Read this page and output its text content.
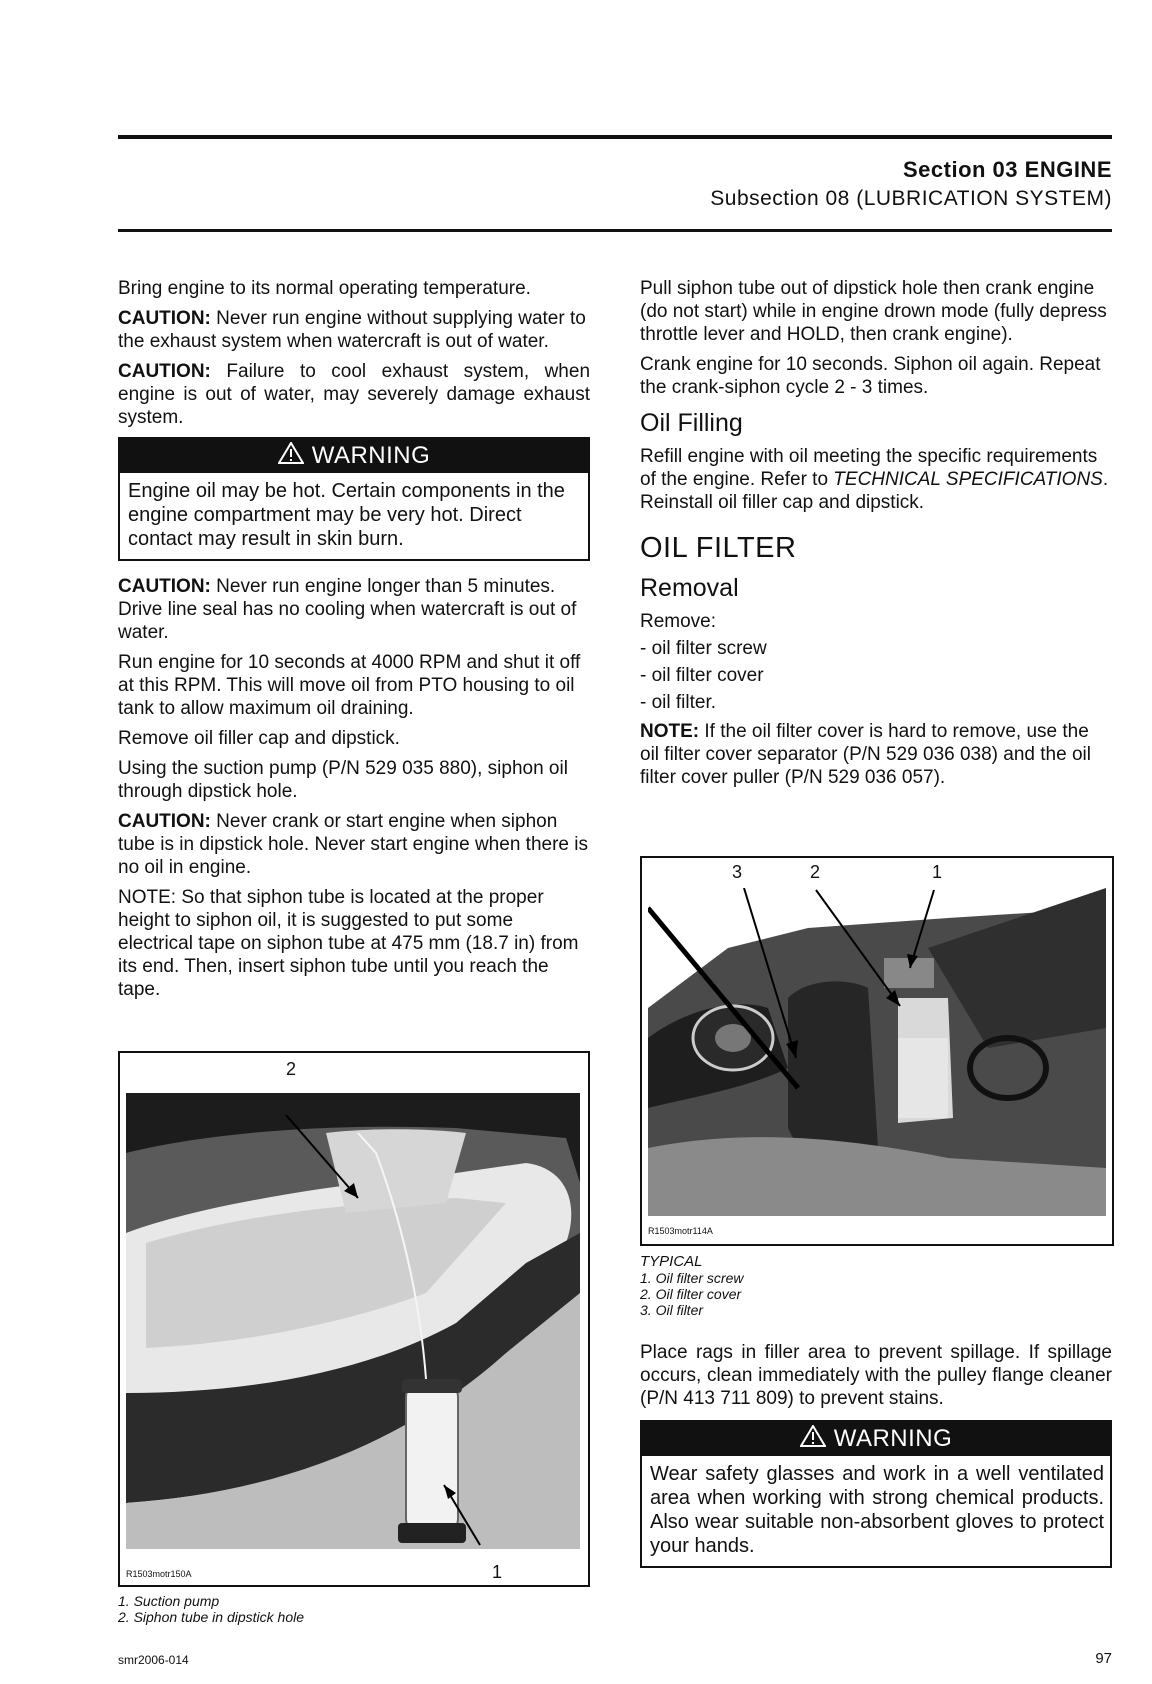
Section 03 ENGINE
Subsection 08 (LUBRICATION SYSTEM)

Bring engine to its normal operating temperature.

CAUTION: Never run engine without supplying water to the exhaust system when watercraft is out of water.

CAUTION: Failure to cool exhaust system, when engine is out of water, may severely damage exhaust system.

WARNING
Engine oil may be hot. Certain components in the engine compartment may be very hot. Direct contact may result in skin burn.

CAUTION: Never run engine longer than 5 minutes. Drive line seal has no cooling when watercraft is out of water.

Run engine for 10 seconds at 4000 RPM and shut it off at this RPM. This will move oil from PTO housing to oil tank to allow maximum oil draining.

Remove oil filler cap and dipstick.

Using the suction pump (P/N 529 035 880), siphon oil through dipstick hole.

CAUTION: Never crank or start engine when siphon tube is in dipstick hole. Never start engine when there is no oil in engine.

NOTE: So that siphon tube is located at the proper height to siphon oil, it is suggested to put some electrical tape on siphon tube at 475 mm (18.7 in) from its end. Then, insert siphon tube until you reach the tape.

2
R1503motr150A	1
1. Suction pump
2. Siphon tube in dipstick hole

Pull siphon tube out of dipstick hole then crank engine (do not start) while in engine drown mode (fully depress throttle lever and HOLD, then crank engine).

Crank engine for 10 seconds. Siphon oil again. Repeat the crank-siphon cycle 2 - 3 times.

Oil Filling

Refill engine with oil meeting the specific requirements of the engine. Refer to TECHNICAL SPECIFICATIONS. Reinstall oil filler cap and dipstick.

OIL FILTER
Removal

Remove:

- oil filter screw
- oil filter cover
- oil filter.

NOTE: If the oil filter cover is hard to remove, use the oil filter cover separator (P/N 529 036 038) and the oil filter cover puller (P/N 529 036 057).

3	2	1
R1503motr114A
TYPICAL
1. Oil filter screw
2. Oil filter cover
3. Oil filter

Place rags in filler area to prevent spillage. If spillage occurs, clean immediately with the pulley flange cleaner (P/N 413 711 809) to prevent stains.

WARNING
Wear safety glasses and work in a well ventilated area when working with strong chemical products. Also wear suitable non-absorbent gloves to protect your hands.
smr2006-014	97
